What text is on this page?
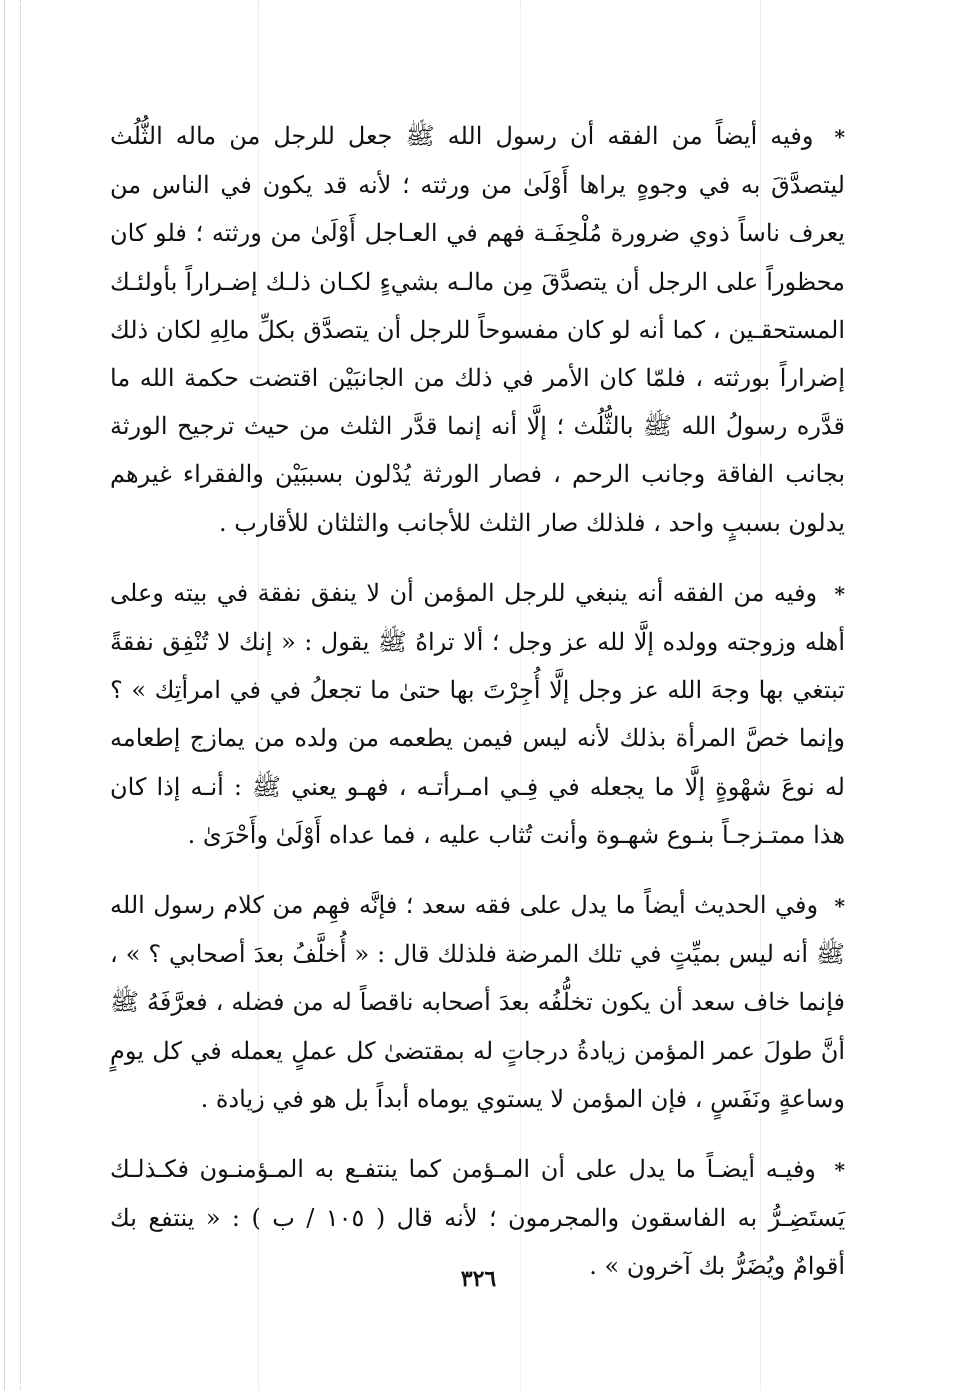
* وفيه أيضاً من الفقه أن رسول الله ﷺ جعل للرجل من ماله الثُّلُث ليتصدَّقَ به في وجوهٍ يراها أَوْلَىٰ من ورثته ؛ لأنه قد يكون في الناس من يعرف ناساً ذوي ضرورة مُلْحِفَـة فهم في العـاجل أَوْلَىٰ من ورثته ؛ فلو كان محظوراً على الرجل أن يتصدَّقَ مِن مالـه بشيءٍ لكـان ذلـك إضـراراً بأولئـك المستحقـين ، كما أنه لو كان مفسوحاً للرجل أن يتصدَّق بكلِّ مالِهِ لكان ذلك إضراراً بورثته ، فلمّا كان الأمر في ذلك من الجانبَيْن اقتضت حكمة الله ما قدَّره رسولُ الله ﷺ بالثُّلُث ؛ إلَّا أنه إنما قدَّر الثلث من حيث ترجيح الورثة بجانب الفاقة وجانب الرحم ، فصار الورثة يُدْلون بسببَيْن والفقراء غيرهم يدلون بسببٍ واحد ، فلذلك صار الثلث للأجانب والثلثان للأقارب .

* وفيه من الفقه أنه ينبغي للرجل المؤمن أن لا ينفق نفقة في بيته وعلى أهله وزوجته وولده إلَّا لله عز وجل ؛ ألا تراهُ ﷺ يقول : « إنك لا تُنْفِق نفقةً تبتغي بها وجهَ الله عز وجل إلَّا أُجِرْتَ بها حتىٰ ما تجعلُ في في امرأتِك » ؟ وإنما خصَّ المرأة بذلك لأنه ليس فيمن يطعمه من ولده من يمازج إطعامه له نوعَ شهْوةٍ إلَّا ما يجعله في فِـي امـرأتـه ، فهـو يعني ﷺ : أنـه إذا كان هذا ممتـزجـاً بنـوع شهـوة وأنت تُثاب عليه ، فما عداه أَوْلَىٰ وأَحْرَىٰ .

* وفي الحديث أيضاً ما يدل على فقه سعد ؛ فإنَّه فهِم من كلام رسول الله ﷺ أنه ليس بميِّتٍ في تلك المرضة فلذلك قال : « أُخلَّفُ بعدَ أصحابي ؟ » ، فإنما خاف سعد أن يكون تخلُّفُه بعدَ أصحابه ناقصاً له من فضله ، فعرَّفَهُ ﷺ أنَّ طولَ عمر المؤمن زيادةُ درجاتٍ له بمقتضىٰ كل عملٍ يعمله في كل يومٍ وساعةٍ ونَفَسٍ ، فإن المؤمن لا يستوي يوماه أبداً بل هو في زيادة .

* وفيـه أيضـاً ما يدل على أن المـؤمن كما ينتفـع به المـؤمنـون فكـذلـك يَستَضِـرُّ به الفاسقون والمجرمون ؛ لأنه قال ( ١٠٥ / ب ) : « ينتفع بك أقوامٌ ويُضَرُّ بك آخرون » .

٣٢٦
